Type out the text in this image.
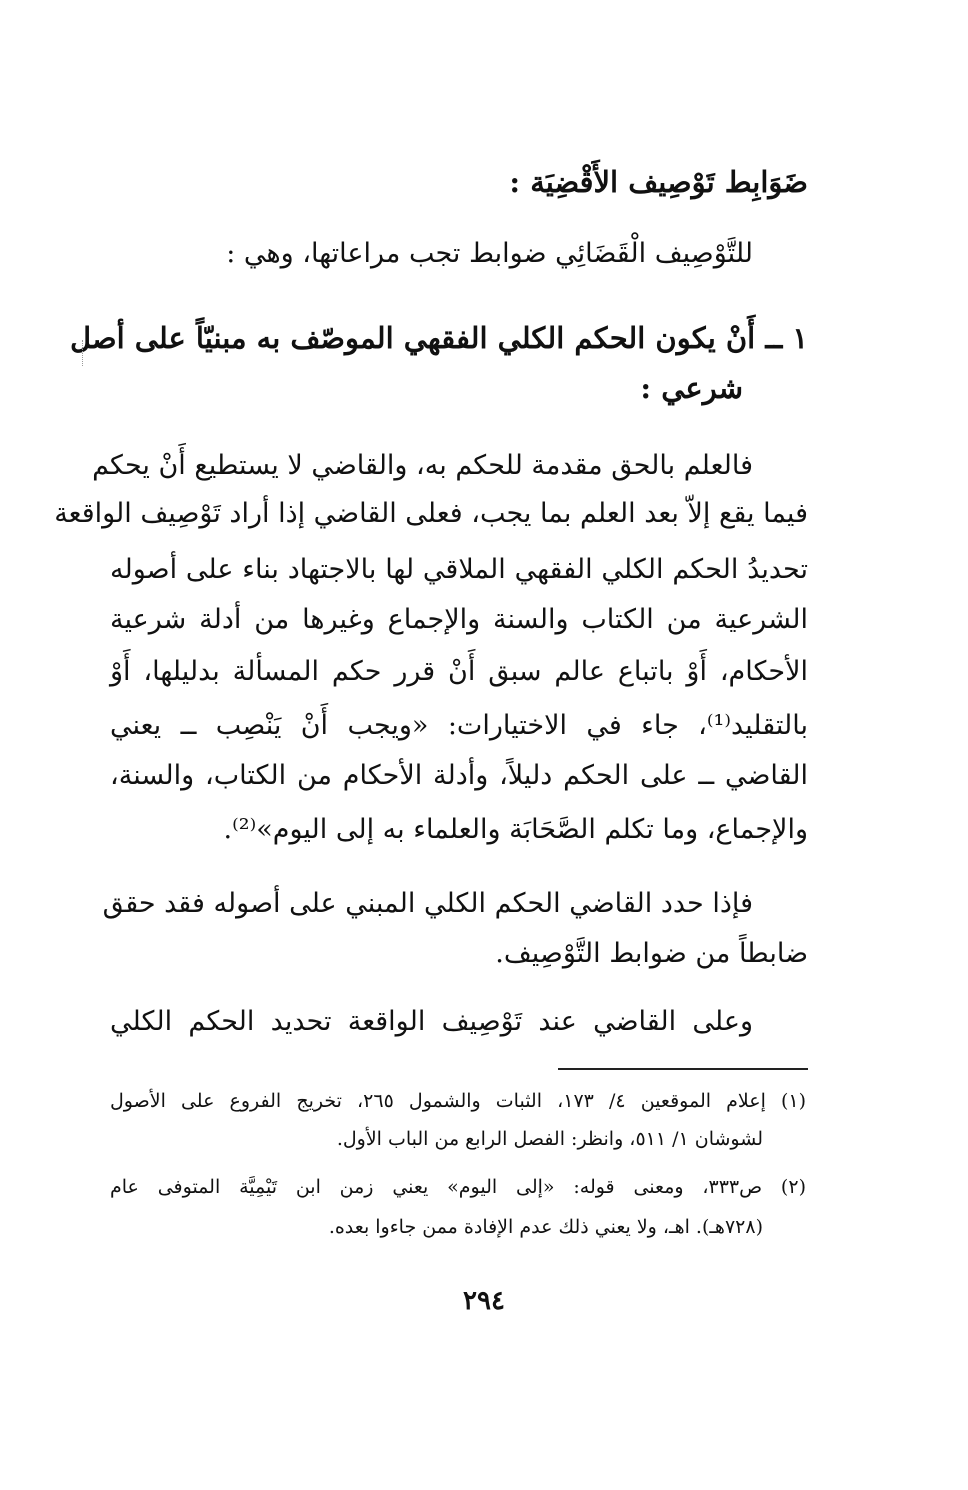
ضَوَابِط تَوْصِيف الأَقْضِيَة :
للتَّوْصِيف الْقَضَائِي ضوابط تجب مراعاتها، وهي :
١ ــ أَنْ يكون الحكم الكلي الفقهي الموصّف به مبنيّاً على أصل
شرعي :
فالعلم بالحق مقدمة للحكم به، والقاضي لا يستطيع أَنْ يحكم
فيما يقع إلاّ بعد العلم بما يجب، فعلى القاضي إذا أراد تَوْصِيف الواقعة
تحديدُ الحكم الكلي الفقهي الملاقي لها بالاجتهاد بناء على أصوله
الشرعية من الكتاب والسنة والإجماع وغيرها من أدلة شرعية
الأحكام، أَوْ باتباع عالم سبق أَنْ قرر حكم المسألة بدليلها، أَوْ
بالتقليد⁽¹⁾، جاء في الاختيارات: «ويجب أَنْ يَنْصِب ــ يعني
القاضي ــ على الحكم دليلاً، وأدلة الأحكام من الكتاب، والسنة،
والإجماع، وما تكلم الصَّحَابَة والعلماء به إلى اليوم»⁽²⁾.
فإذا حدد القاضي الحكم الكلي المبني على أصوله فقد حقق
ضابطاً من ضوابط التَّوْصِيف.
وعلى القاضي عند تَوْصِيف الواقعة تحديد الحكم الكلي
(١) إعلام الموقعين ٤/ ١٧٣، الثبات والشمول ٢٦٥، تخريج الفروع على الأصول
لشوشان ١/ ٥١١، وانظر: الفصل الرابع من الباب الأول.
(٢) ص٣٣٣، ومعنى قوله: «إلى اليوم» يعني زمن ابن تَيْمِيَّة المتوفى عام
(٧٢٨هـ). اهـ، ولا يعني ذلك عدم الإفادة ممن جاءوا بعده.
٢٩٤
